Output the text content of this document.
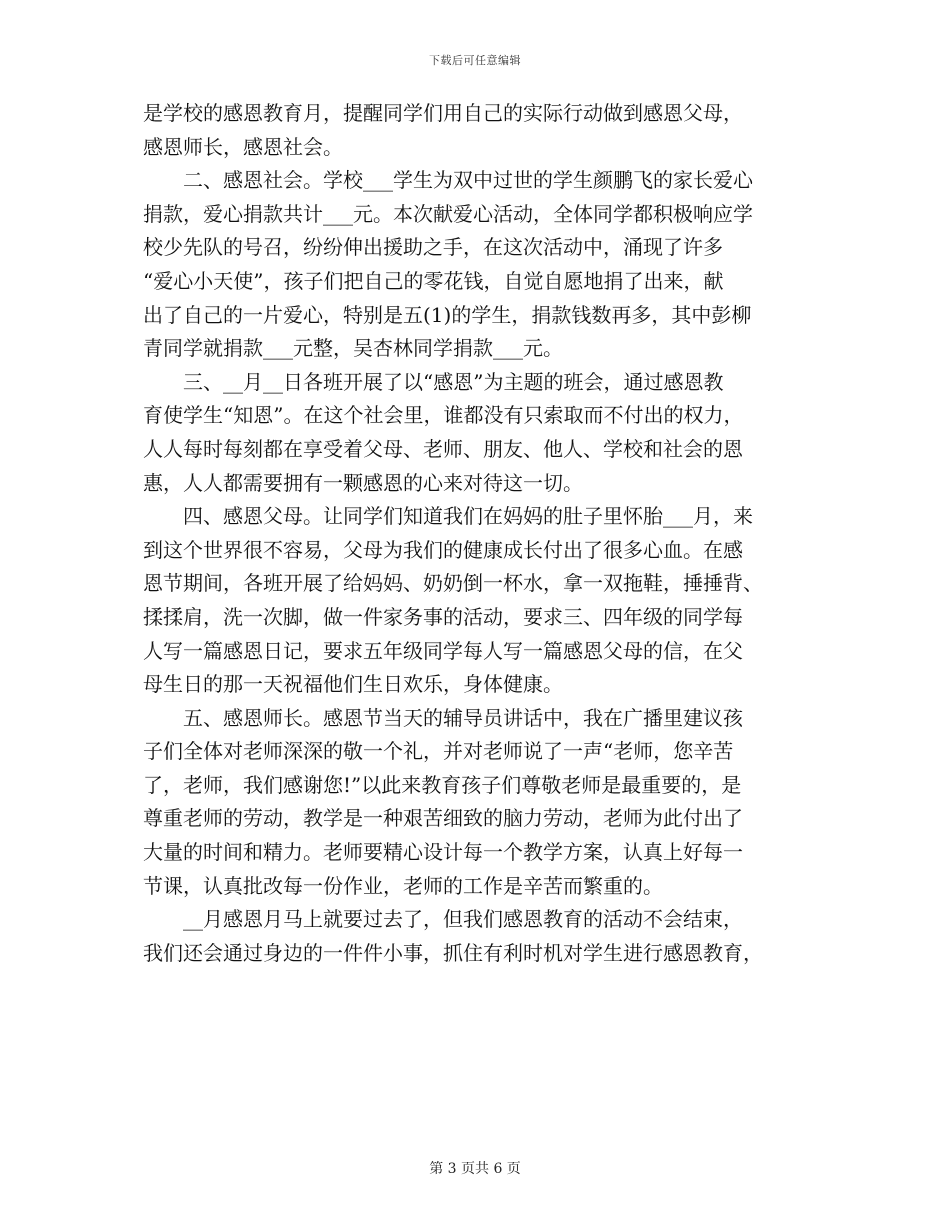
下载后可任意编辑
是学校的感恩教育月，提醒同学们用自己的实际行动做到感恩父母，
感恩师长，感恩社会。
二、感恩社会。学校___学生为双中过世的学生颜鹏飞的家长爱心
捐款，爱心捐款共计___元。本次献爱心活动，全体同学都积极响应学
校少先队的号召，纷纷伸出援助之手，在这次活动中，涌现了许多
“爱心小天使”，孩子们把自己的零花钱，自觉自愿地捐了出来，献
出了自己的一片爱心，特别是五(1)的学生，捐款钱数再多，其中彭柳
青同学就捐款___元整，吴杏林同学捐款___元。
三、__月__日各班开展了以“感恩”为主题的班会，通过感恩教
育使学生“知恩”。在这个社会里，谁都没有只索取而不付出的权力，
人人每时每刻都在享受着父母、老师、朋友、他人、学校和社会的恩
惠，人人都需要拥有一颗感恩的心来对待这一切。
四、感恩父母。让同学们知道我们在妈妈的肚子里怀胎___月，来
到这个世界很不容易，父母为我们的健康成长付出了很多心血。在感
恩节期间，各班开展了给妈妈、奶奶倒一杯水，拿一双拖鞋，捶捶背、
揉揉肩，洗一次脚，做一件家务事的活动，要求三、四年级的同学每
人写一篇感恩日记，要求五年级同学每人写一篇感恩父母的信，在父
母生日的那一天祝福他们生日欢乐，身体健康。
五、感恩师长。感恩节当天的辅导员讲话中，我在广播里建议孩
子们全体对老师深深的敬一个礼，并对老师说了一声“老师，您辛苦
了，老师，我们感谢您!”以此来教育孩子们尊敬老师是最重要的，是
尊重老师的劳动，教学是一种艰苦细致的脑力劳动，老师为此付出了
大量的时间和精力。老师要精心设计每一个教学方案，认真上好每一
节课，认真批改每一份作业，老师的工作是辛苦而繁重的。
__月感恩月马上就要过去了，但我们感恩教育的活动不会结束，
我们还会通过身边的一件件小事，抓住有利时机对学生进行感恩教育，
第 3 页共 6 页
